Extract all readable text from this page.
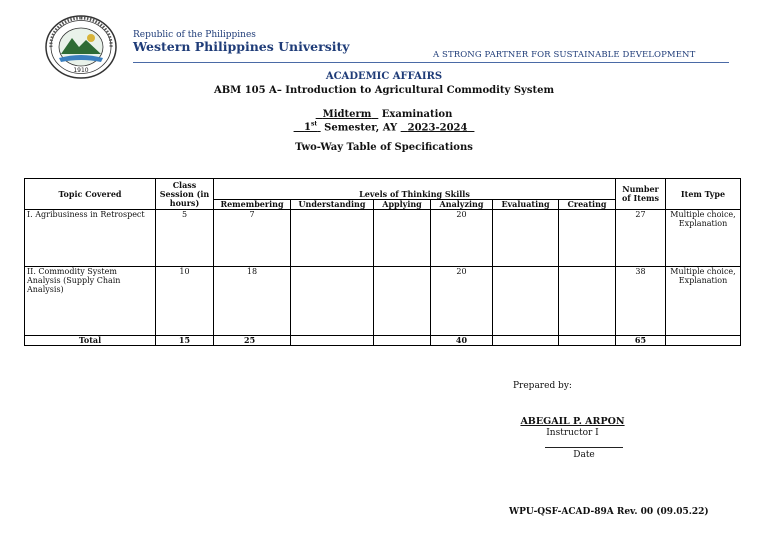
1910
Republic of the Philippines
Western Philippines University
A STRONG PARTNER FOR SUSTAINABLE DEVELOPMENT
ACADEMIC AFFAIRS
ABM 105 A– Introduction to Agricultural Commodity System
Midterm Examination
1st Semester, AY 2023-2024
Two-Way Table of Specifications
Topic Covered	Class Session (in hours)	Levels of Thinking Skills						Number of Items	Item Type
		Remembering	Understanding	Applying	Analyzing	Evaluating	Creating		
I. Agribusiness in Retrospect	5	7			20			27	Multiple choice, Explanation
II. Commodity System Analysis (Supply Chain Analysis)	10	18			20			38	Multiple choice, Explanation
Total	15	25			40			65	
Prepared by:
ABEGAIL P. ARPON
Instructor I
Date
WPU-QSF-ACAD-89A Rev. 00 (09.05.22)
